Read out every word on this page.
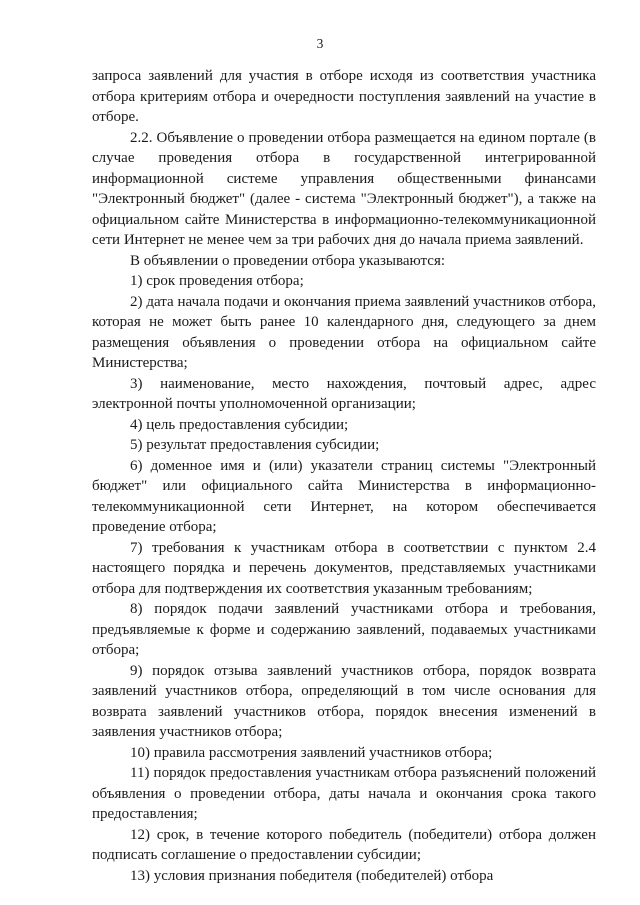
3

запроса заявлений для участия в отборе исходя из соответствия участника отбора критериям отбора и очередности поступления заявлений на участие в отборе.

2.2. Объявление о проведении отбора размещается на едином портале (в случае проведения отбора в государственной интегрированной информационной системе управления общественными финансами "Электронный бюджет" (далее - система "Электронный бюджет"), а также на официальном сайте Министерства в информационно-телекоммуникационной сети Интернет не менее чем за три рабочих дня до начала приема заявлений.

В объявлении о проведении отбора указываются:

1) срок проведения отбора;

2) дата начала подачи и окончания приема заявлений участников отбора, которая не может быть ранее 10 календарного дня, следующего за днем размещения объявления о проведении отбора на официальном сайте Министерства;

3) наименование, место нахождения, почтовый адрес, адрес электронной почты уполномоченной организации;

4) цель предоставления субсидии;

5) результат предоставления субсидии;

6) доменное имя и (или) указатели страниц системы "Электронный бюджет" или официального сайта Министерства в информационно-телекоммуникационной сети Интернет, на котором обеспечивается проведение отбора;

7) требования к участникам отбора в соответствии с пунктом 2.4 настоящего порядка и перечень документов, представляемых участниками отбора для подтверждения их соответствия указанным требованиям;

8) порядок подачи заявлений участниками отбора и требования, предъявляемые к форме и содержанию заявлений, подаваемых участниками отбора;

9) порядок отзыва заявлений участников отбора, порядок возврата заявлений участников отбора, определяющий в том числе основания для возврата заявлений участников отбора, порядок внесения изменений в заявления участников отбора;

10) правила рассмотрения заявлений участников отбора;

11) порядок предоставления участникам отбора разъяснений положений объявления о проведении отбора, даты начала и окончания срока такого предоставления;

12) срок, в течение которого победитель (победители) отбора должен подписать соглашение о предоставлении субсидии;

13) условия признания победителя (победителей) отбора
